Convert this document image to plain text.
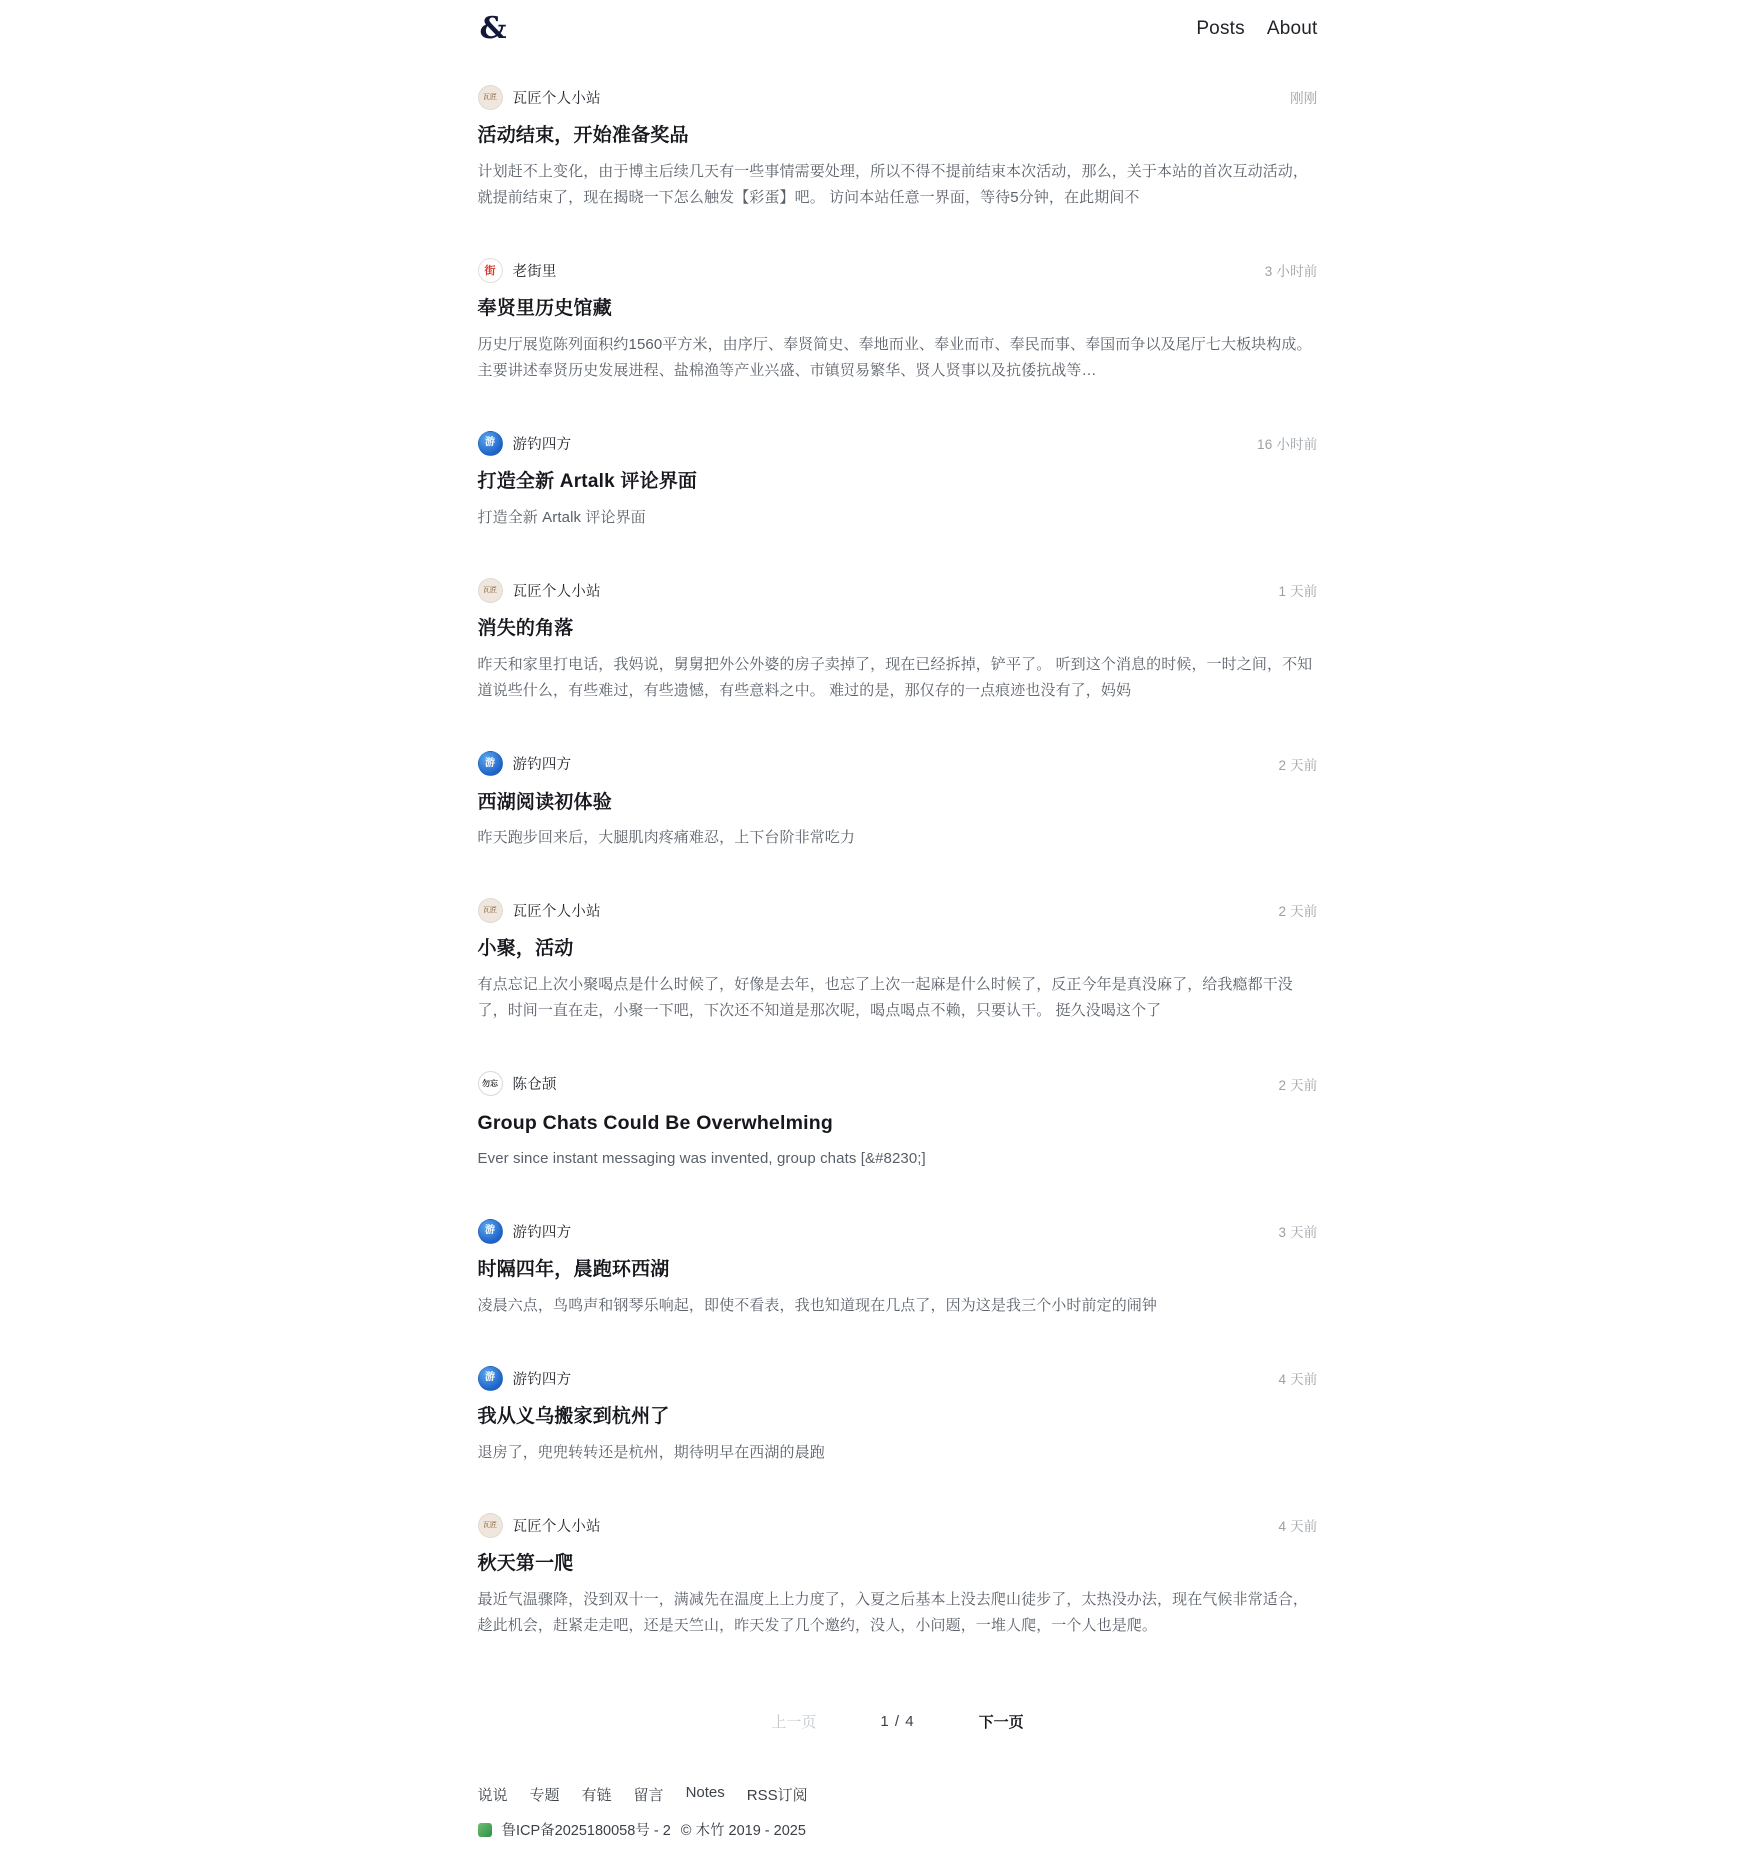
&	Posts About
瓦匠	瓦匠个人小站	刚刚
活动结束，开始准备奖品

计划赶不上变化，由于博主后续几天有一些事情需要处理，所以不得不提前结束本次活动，那么，关于本站的首次互动活动，就提前结束了，现在揭晓一下怎么触发【彩蛋】吧。 访问本站任意一界面，等待5分钟，在此期间不

街	老街里	3 小时前
奉贤里历史馆藏

历史厅展览陈列面积约1560平方米，由序厅、奉贤简史、奉地而业、奉业而市、奉民而事、奉国而争以及尾厅七大板块构成。主要讲述奉贤历史发展进程、盐棉渔等产业兴盛、市镇贸易繁华、贤人贤事以及抗倭抗战等…

游	游钓四方	16 小时前
打造全新 Artalk 评论界面

打造全新 Artalk 评论界面

瓦匠	瓦匠个人小站	1 天前
消失的角落

昨天和家里打电话，我妈说，舅舅把外公外婆的房子卖掉了，现在已经拆掉，铲平了。 听到这个消息的时候，一时之间，不知道说些什么，有些难过，有些遗憾，有些意料之中。 难过的是，那仅存的一点痕迹也没有了，妈妈

游	游钓四方	2 天前
西湖阅读初体验

昨天跑步回来后，大腿肌肉疼痛难忍，上下台阶非常吃力

瓦匠	瓦匠个人小站	2 天前
小聚，活动

有点忘记上次小聚喝点是什么时候了，好像是去年，也忘了上次一起麻是什么时候了，反正今年是真没麻了，给我瘾都干没了，时间一直在走，小聚一下吧，下次还不知道是那次呢，喝点喝点不赖，只要认干。 挺久没喝这个了

勿忘	陈仓颉	2 天前
Group Chats Could Be Overwhelming

Ever since instant messaging was invented, group chats [&#8230;]

游	游钓四方	3 天前
时隔四年，晨跑环西湖

凌晨六点，鸟鸣声和钢琴乐响起，即使不看表，我也知道现在几点了，因为这是我三个小时前定的闹钟

游	游钓四方	4 天前
我从义乌搬家到杭州了

退房了，兜兜转转还是杭州，期待明早在西湖的晨跑

瓦匠	瓦匠个人小站	4 天前
秋天第一爬

最近气温骤降，没到双十一，满减先在温度上上力度了，入夏之后基本上没去爬山徒步了，太热没办法，现在气候非常适合，趁此机会，赶紧走走吧，还是天竺山，昨天发了几个邀约，没人，小问题，一堆人爬，一个人也是爬。

上一页	1 / 4	下一页
说说 专题 有链 留言 Notes RSS订阅
鲁ICP备2025180058号 - 2 © 木竹 2019 - 2025
